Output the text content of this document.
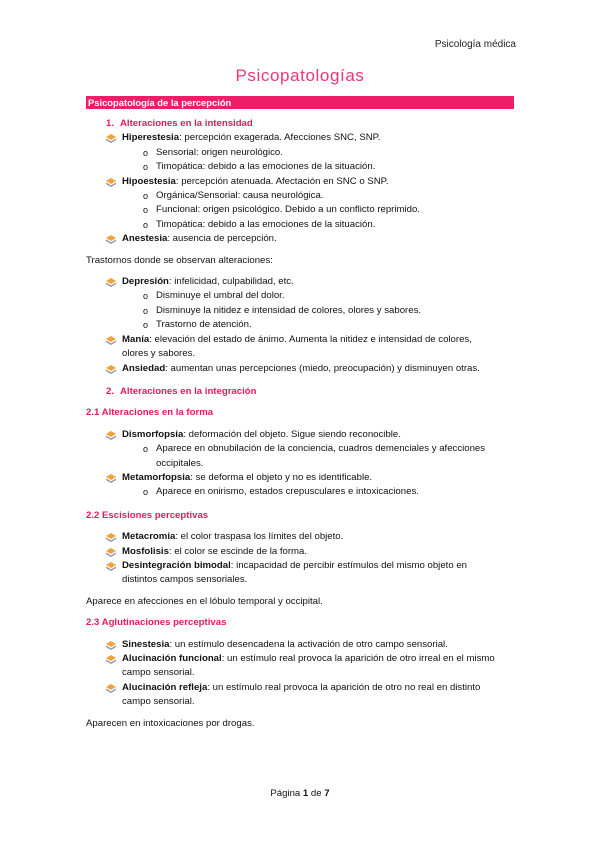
Psicología médica
Psicopatologías
Psicopatología de la percepción
1. Alteraciones en la intensidad
Hiperestesia: percepción exagerada. Afecciones SNC, SNP.
o Sensorial: origen neurológico.
o Timopática: debido a las emociones de la situación.
Hipoestesia: percepción atenuada. Afectación en SNC o SNP.
o Orgánica/Sensorial: causa neurológica.
o Funcional: origen psicológico. Debido a un conflicto reprimido.
o Timopática: debido a las emociones de la situación.
Anestesia: ausencia de percepción.
Trastornos donde se observan alteraciones:
Depresión: infelicidad, culpabilidad, etc.
o Disminuye el umbral del dolor.
o Disminuye la nitidez e intensidad de colores, olores y sabores.
o Trastorno de atención.
Manía: elevación del estado de ánimo. Aumenta la nitidez e intensidad de colores,
olores y sabores.
Ansiedad: aumentan unas percepciones (miedo, preocupación) y disminuyen otras.
2. Alteraciones en la integración
2.1 Alteraciones en la forma
Dismorfopsia: deformación del objeto. Sigue siendo reconocible.
o Aparece en obnubilación de la conciencia, cuadros demenciales y afecciones
occipitales.
Metamorfopsia: se deforma el objeto y no es identificable.
o Aparece en onirismo, estados crepusculares e intoxicaciones.
2.2 Escisiones perceptivas
Metacromia: el color traspasa los límites del objeto.
Mosfolisis: el color se escinde de la forma.
Desintegración bimodal: incapacidad de percibir estímulos del mismo objeto en
distintos campos sensoriales.
Aparece en afecciones en el lóbulo temporal y occipital.
2.3 Aglutinaciones perceptivas
Sinestesia: un estímulo desencadena la activación de otro campo sensorial.
Alucinación funcional: un estímulo real provoca la aparición de otro irreal en el mismo
campo sensorial.
Alucinación refleja: un estímulo real provoca la aparición de otro no real en distinto
campo sensorial.
Aparecen en intoxicaciones por drogas.
Página 1 de 7
